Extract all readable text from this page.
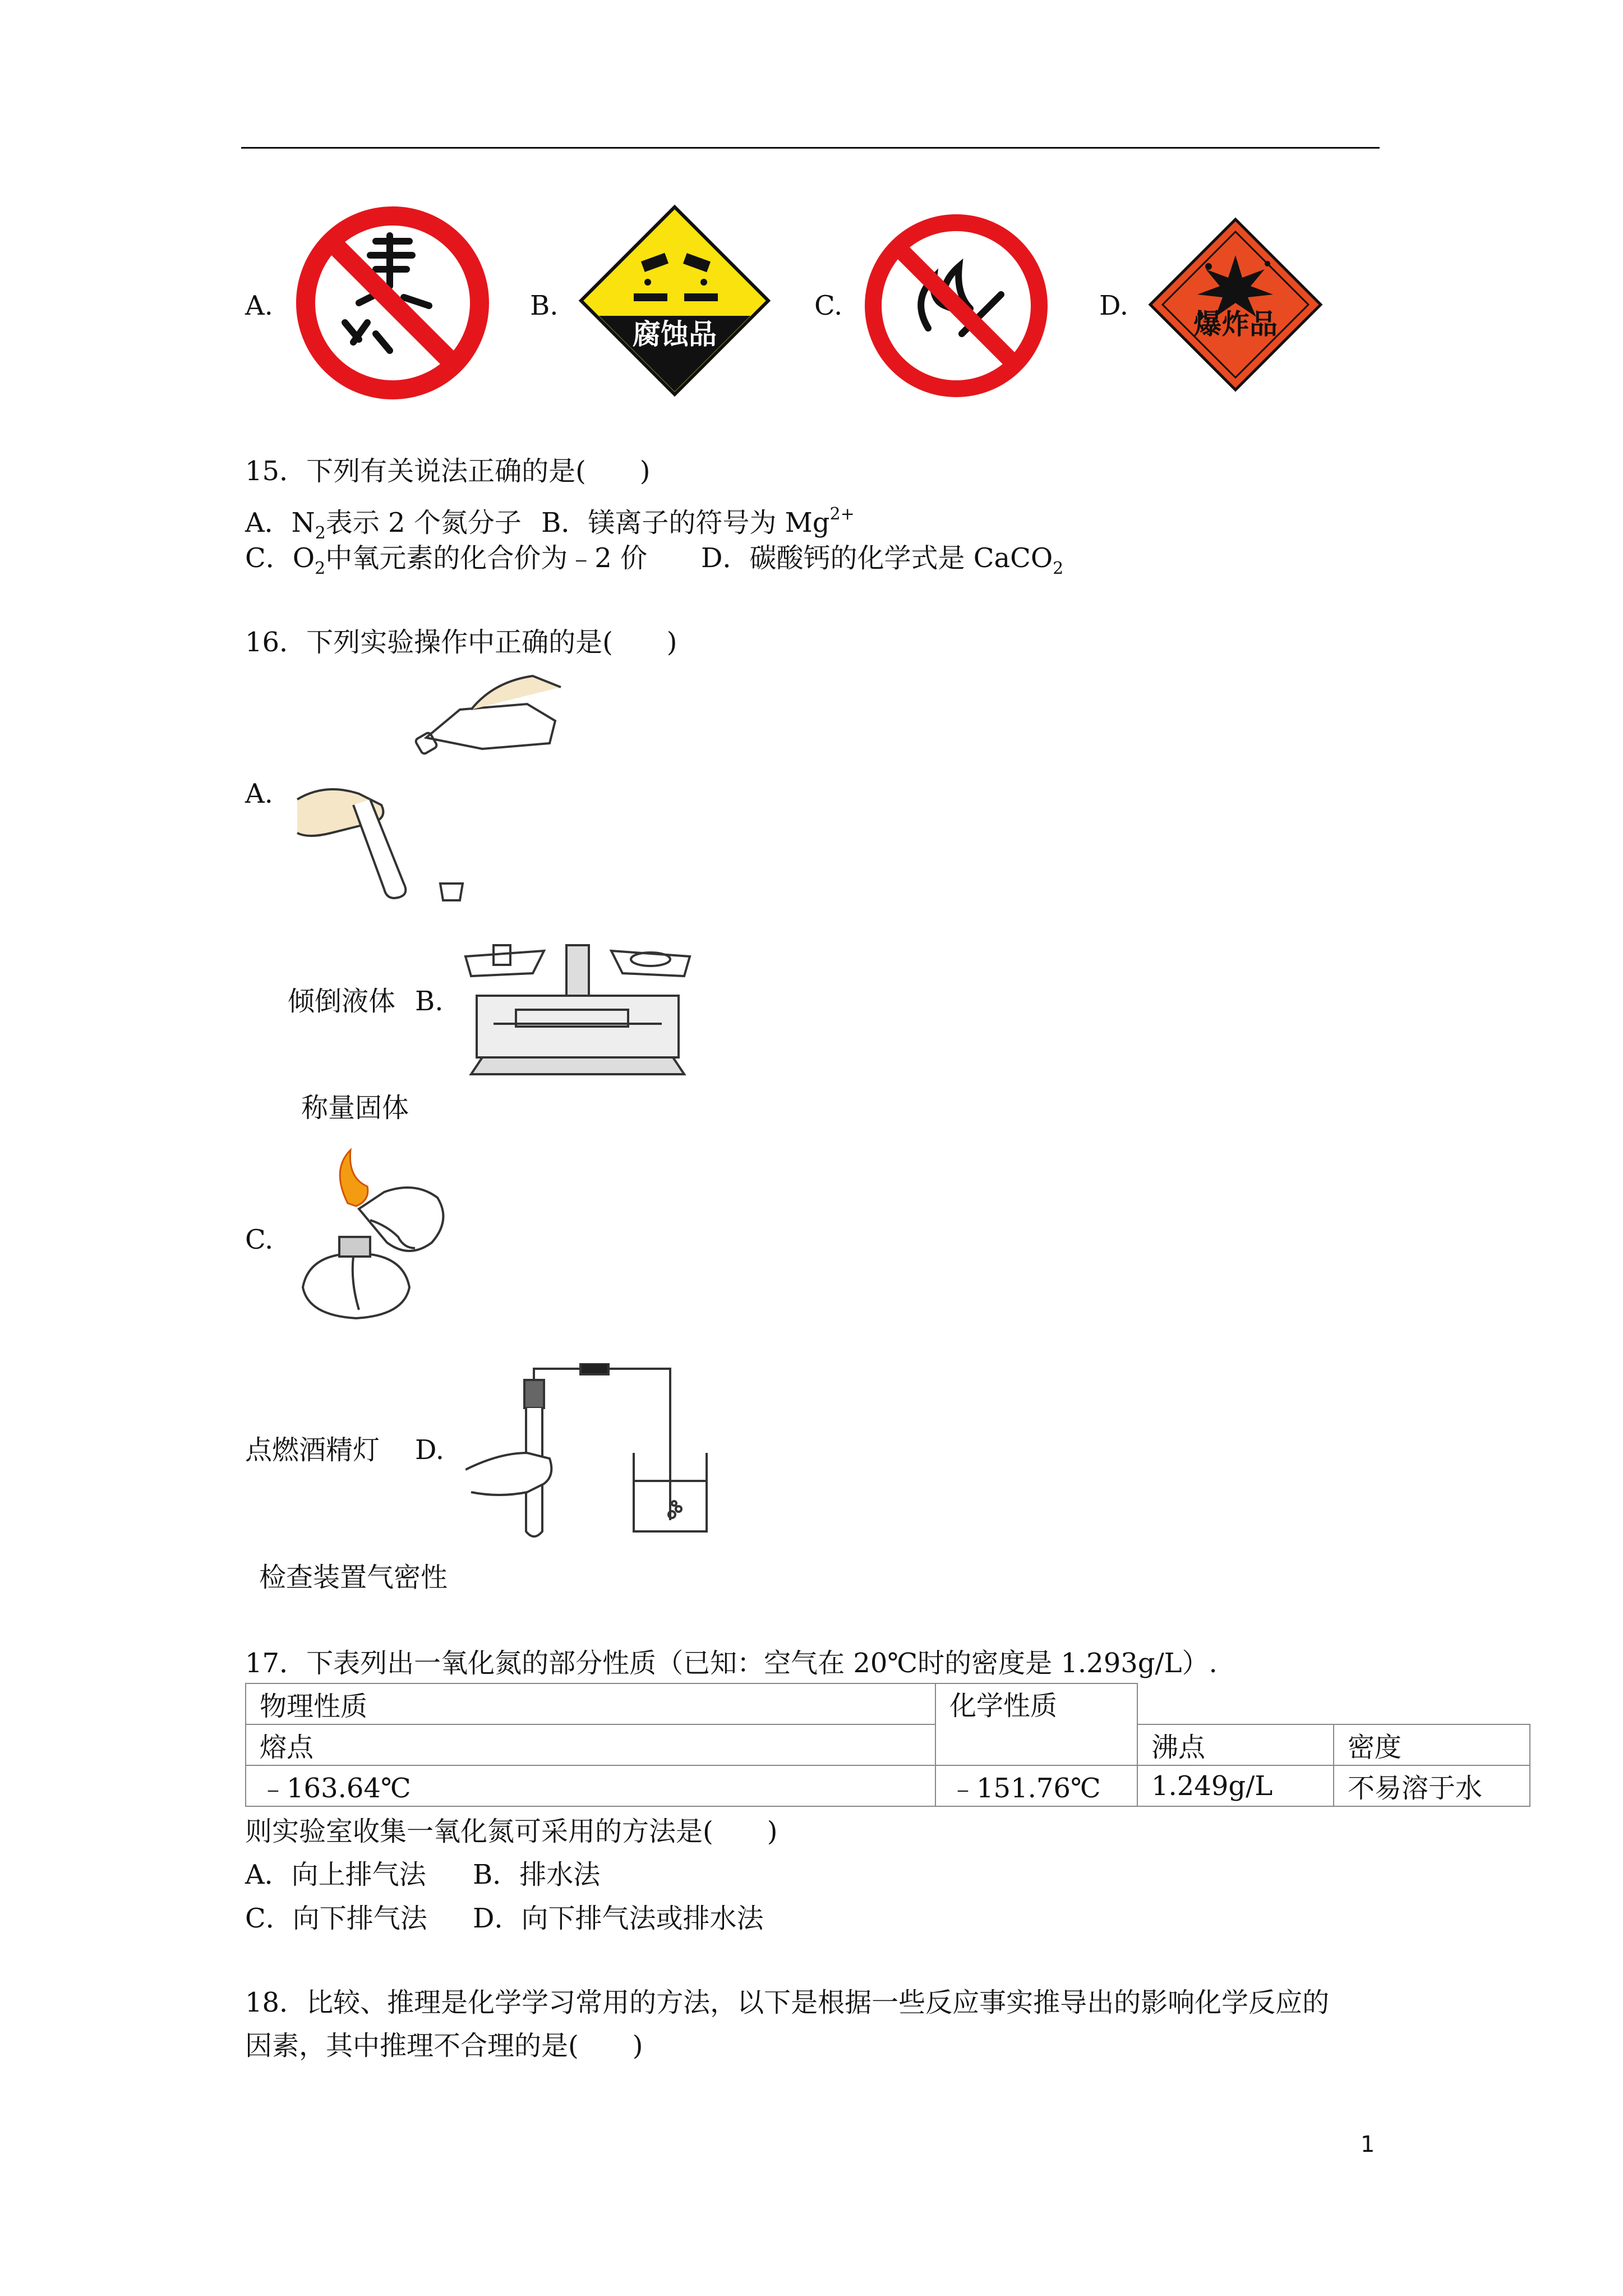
A.	B.
腐蚀品
C.	D.
爆炸品
15．下列有关说法正确的是(　　)
A．$N_2$表示 2 个氮分子 B．镁离子的符号为 $Mg^{2+}$
C．$O_2$中氧元素的化合价为﹣2 价 D．碳酸钙的化学式是 CaCO$_2$
16．下列实验操作中正确的是(　　)
A.
倾倒液体 B.
称量固体
C.
点燃酒精灯 D.
检查装置气密性
17．下表列出一氧化氮的部分性质（已知：空气在 20℃时的密度是 1.293g/L）.
物理性质	化学性质		
熔点		沸点	密度
﹣163.64℃	﹣151.76℃	1.249g/L	不易溶于水
则实验室收集一氧化氮可采用的方法是(　　)
A．向上排气法 B．排水法
C．向下排气法 D．向下排气法或排水法
18．比较、推理是化学学习常用的方法，以下是根据一些反应事实推导出的影响化学反应的
因素，其中推理不合理的是(　　)
1
